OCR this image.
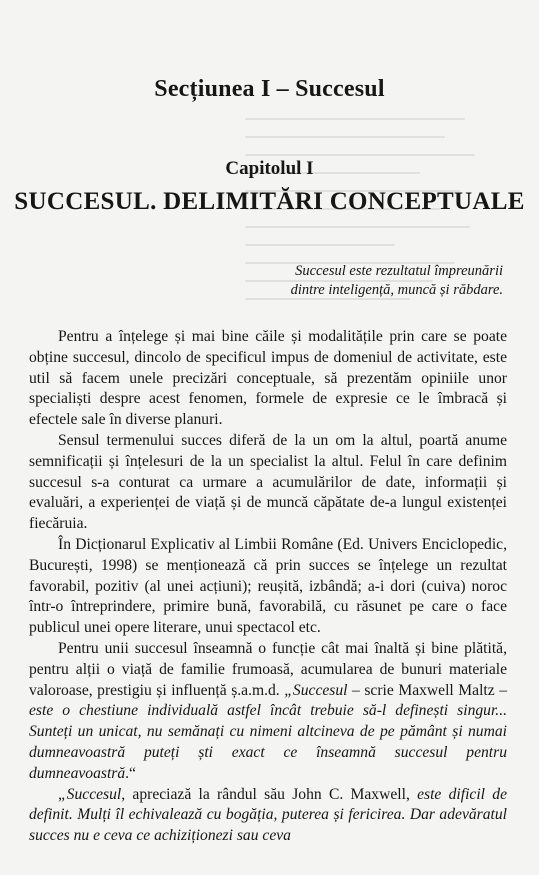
Secțiunea I – Succesul
Capitolul I
SUCCESUL. DELIMITĂRI CONCEPTUALE
Succesul este rezultatul împreunării
dintre inteligență, muncă și răbdare.

Pentru a înțelege și mai bine căile și modalitățile prin care se poate obține succesul, dincolo de specificul impus de domeniul de activitate, este util să facem unele precizări conceptuale, să prezentăm opiniile unor specialiști despre acest fenomen, formele de expresie ce le îmbracă și efectele sale în diverse planuri.

Sensul termenului succes diferă de la un om la altul, poartă anume semnificații și înțelesuri de la un specialist la altul. Felul în care definim succesul s-a conturat ca urmare a acumulărilor de date, informații și evaluări, a experienței de viață și de muncă căpătate de-a lungul existenței fiecăruia.

În Dicționarul Explicativ al Limbii Române (Ed. Univers Enciclopedic, București, 1998) se menționează că prin succes se înțelege un rezultat favorabil, pozitiv (al unei acțiuni); reușită, izbândă; a-i dori (cuiva) noroc într-o întreprindere, primire bună, favorabilă, cu răsunet pe care o face publicul unei opere literare, unui spectacol etc.

Pentru unii succesul înseamnă o funcție cât mai înaltă și bine plătită, pentru alții o viață de familie frumoasă, acumularea de bunuri materiale valoroase, prestigiu și influență ș.a.m.d. „Succesul – scrie Maxwell Maltz – este o chestiune individuală astfel încât trebuie să-l definești singur... Sunteți un unicat, nu semănați cu nimeni altcineva de pe pământ și numai dumneavoastră puteți ști exact ce înseamnă succesul pentru dumneavoastră.“

„Succesul, apreciază la rândul său John C. Maxwell, este dificil de definit. Mulți îl echivalează cu bogăția, puterea și fericirea. Dar adevăratul succes nu e ceva ce achiziționezi sau ceva
